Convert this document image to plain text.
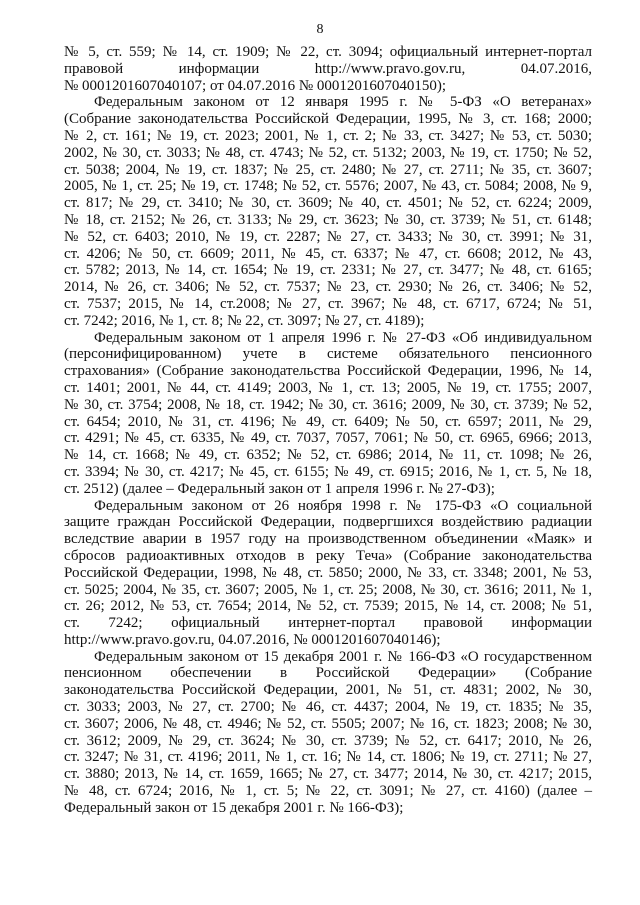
8

№ 5, ст. 559; № 14, ст. 1909; № 22, ст. 3094; официальный интернет-портал
правовой информации http://www.pravo.gov.ru, 04.07.2016,
№ 0001201607040107; от 04.07.2016 № 0001201607040150);

Федеральным законом от 12 января 1995 г. № 5-ФЗ «О ветеранах»
(Собрание законодательства Российской Федерации, 1995, № 3, ст. 168; 2000;
№ 2, ст. 161; № 19, ст. 2023; 2001, № 1, ст. 2; № 33, ст. 3427; № 53, ст. 5030;
2002, № 30, ст. 3033; № 48, ст. 4743; № 52, ст. 5132; 2003, № 19, ст. 1750; № 52,
ст. 5038; 2004, № 19, ст. 1837; № 25, ст. 2480; № 27, ст. 2711; № 35, ст. 3607;
2005, № 1, ст. 25; № 19, ст. 1748; № 52, ст. 5576; 2007, № 43, ст. 5084; 2008, № 9,
ст. 817; № 29, ст. 3410; № 30, ст. 3609; № 40, ст. 4501; № 52, ст. 6224; 2009,
№ 18, ст. 2152; № 26, ст. 3133; № 29, ст. 3623; № 30, ст. 3739; № 51, ст. 6148;
№ 52, ст. 6403; 2010, № 19, ст. 2287; № 27, ст. 3433; № 30, ст. 3991; № 31,
ст. 4206; № 50, ст. 6609; 2011, № 45, ст. 6337; № 47, ст. 6608; 2012, № 43,
ст. 5782; 2013, № 14, ст. 1654; № 19, ст. 2331; № 27, ст. 3477; № 48, ст. 6165;
2014, № 26, ст. 3406; № 52, ст. 7537; № 23, ст. 2930; № 26, ст. 3406; № 52,
ст. 7537; 2015, № 14, ст.2008; № 27, ст. 3967; № 48, ст. 6717, 6724; № 51,
ст. 7242; 2016, № 1, ст. 8; № 22, ст. 3097; № 27, ст. 4189);

Федеральным законом от 1 апреля 1996 г. № 27-ФЗ «Об индивидуальном
(персонифицированном) учете в системе обязательного пенсионного
страхования» (Собрание законодательства Российской Федерации, 1996, № 14,
ст. 1401; 2001, № 44, ст. 4149; 2003, № 1, ст. 13; 2005, № 19, ст. 1755; 2007,
№ 30, ст. 3754; 2008, № 18, ст. 1942; № 30, ст. 3616; 2009, № 30, ст. 3739; № 52,
ст. 6454; 2010, № 31, ст. 4196; № 49, ст. 6409; № 50, ст. 6597; 2011, № 29,
ст. 4291; № 45, ст. 6335, № 49, ст. 7037, 7057, 7061; № 50, ст. 6965, 6966; 2013,
№ 14, ст. 1668; № 49, ст. 6352; № 52, ст. 6986; 2014, № 11, ст. 1098; № 26,
ст. 3394; № 30, ст. 4217; № 45, ст. 6155; № 49, ст. 6915; 2016, № 1, ст. 5, № 18,
ст. 2512) (далее – Федеральный закон от 1 апреля 1996 г. № 27-ФЗ);

Федеральным законом от 26 ноября 1998 г. № 175-ФЗ «О социальной
защите граждан Российской Федерации, подвергшихся воздействию радиации
вследствие аварии в 1957 году на производственном объединении «Маяк» и
сбросов радиоактивных отходов в реку Теча» (Собрание законодательства
Российской Федерации, 1998, № 48, ст. 5850; 2000, № 33, ст. 3348; 2001, № 53,
ст. 5025; 2004, № 35, ст. 3607; 2005, № 1, ст. 25; 2008, № 30, ст. 3616; 2011, № 1,
ст. 26; 2012, № 53, ст. 7654; 2014, № 52, ст. 7539; 2015, № 14, ст. 2008; № 51,
ст. 7242; официальный интернет-портал правовой информации
http://www.pravo.gov.ru, 04.07.2016, № 0001201607040146);

Федеральным законом от 15 декабря 2001 г. № 166-ФЗ «О государственном
пенсионном обеспечении в Российской Федерации» (Собрание
законодательства Российской Федерации, 2001, № 51, ст. 4831; 2002, № 30,
ст. 3033; 2003, № 27, ст. 2700; № 46, ст. 4437; 2004, № 19, ст. 1835; № 35,
ст. 3607; 2006, № 48, ст. 4946; № 52, ст. 5505; 2007; № 16, ст. 1823; 2008; № 30,
ст. 3612; 2009, № 29, ст. 3624; № 30, ст. 3739; № 52, ст. 6417; 2010, № 26,
ст. 3247; № 31, ст. 4196; 2011, № 1, ст. 16; № 14, ст. 1806; № 19, ст. 2711; № 27,
ст. 3880; 2013, № 14, ст. 1659, 1665; № 27, ст. 3477; 2014, № 30, ст. 4217; 2015,
№ 48, ст. 6724; 2016, № 1, ст. 5; № 22, ст. 3091; № 27, ст. 4160) (далее –
Федеральный закон от 15 декабря 2001 г. № 166-ФЗ);
